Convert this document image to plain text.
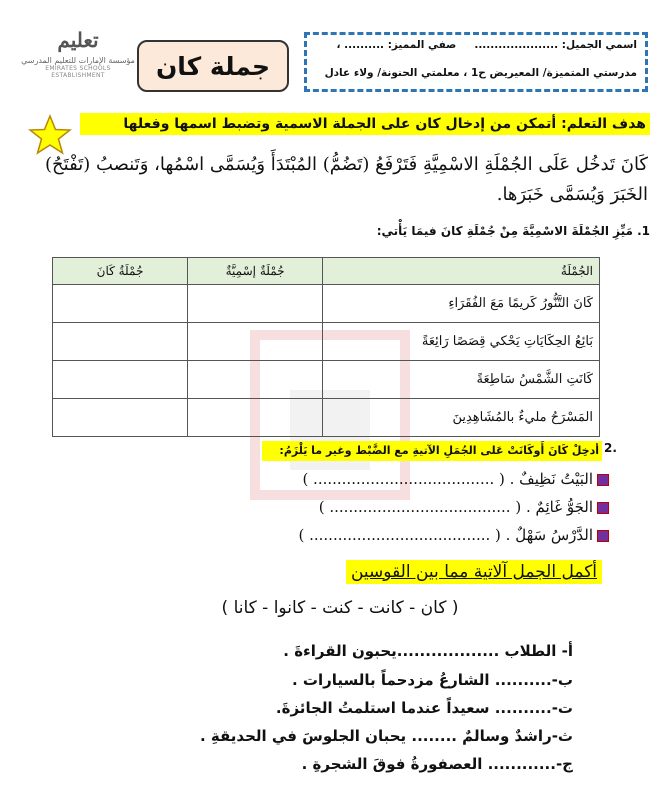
تعليم
مؤسسة الإمارات للتعليم المدرسي
EMIRATES SCHOOLS ESTABLISHMENT	جملة كان
اسمي الجميل: .....................
صفي المميز: .......... ،
مدرستي المتميزة/ المعيريض ح1 ، معلمتي الحنونة/ ولاء عادل
هدف التعلم: أتمكن من إدخال كان على الجملة الاسمية وتضبط اسمها وفعلها
كَانَ تَدخُل عَلَى الجُمْلَةِ الاسْمِيَّةِ فَتَرْفَعُ (تَضُمُّ) المُبْتَدَأَ وَيُسَمَّى اسْمُها، وَتَنصبُ (تَفْتَحُ) الخَبَرَ وَيُسَمَّى خَبَرَها.
1. مَيِّزِ الجُمْلَةَ الاسْمِيَّةَ مِنْ جُمْلَةِ كانَ فيمَا يَأْتي:
الجُمْلَةُ	جُمْلَةٌ إسْمِيَّةٌ	جُمْلَةُ كَانَ
كَانَ التَّنُّورُ كَريمًا مَعَ الفُقَرَاءِ		
بَائِعُ الحِكَايَاتِ يَحْكي قِصَصًا رَائِعَةً		
كَانَتِ الشَّمْسُ سَاطِعَةً		
المَسْرَحُ مليءٌ بالمُشَاهِدِينَ		
2.
أدخِلْ كَانَ أَوكَانَتْ عَلى الجُمَلِ الآتيةِ مع الضَّبْط وغير ما يَلْزَمُ:
البَيْتُ نَظِيفٌ . ( ...................................... )
الجَوُّ غَائِمٌ . ( ...................................... )
الدَّرْسُ سَهْلٌ . ( ...................................... )
أكمل الجمل آلاتية مما بين القوسين
( كان - كانت - كنت - كانوا - كانا )
أ- الطلاب ..................يحبون القراءةَ .
ب-.......... الشارعُ مزدحماً بالسيارات .
ت-.......... سعيداً عندما استلمتُ الجائزةَ.
ث-راشدٌ وسالمٌ ........ يحبان الجلوسَ في الحديقةِ .
ج-............ العصفورةُ فوقَ الشجرةِ .
